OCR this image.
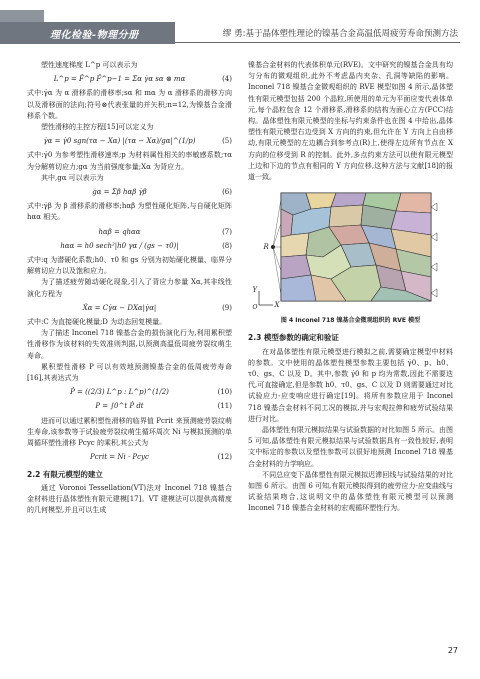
理化检验-物理分册	缪 勇:基于晶体塑性理论的镍基合金高温低周疲劳寿命预测方法

塑性速度梯度 L^p 可以表示为

L^p = F̂^p F̂^p−1 = Σα γ̇α sα ⊗ mα	(4)

式中:γ̇α 为 α 滑移系的滑移率;sα 和 mα 为 α 滑移系的滑移方向以及滑移面的法向;符号⊗代表张量的并矢积;n=12,为镍基合金滑移系个数。

塑性滑移的主控方程[15]可以定义为

γ̇α = γ̇0 sgn(τα − Xα) |(τα − Xα)/gα|^(1/p)	(5)

式中:γ̇0 为参考塑性滑移速率;p 为材料属性相关的率敏感系数;τα 为分解剪切应力;gα 为当前强度参量;Xα 为背应力。

其中,gα 可以表示为

ġα = Σβ hαβ γ̇β	(6)

式中:γ̇β 为 β 滑移系的滑移率;hαβ 为塑性硬化矩阵,与自硬化矩阵 hαα 相关。

hαβ = qhαα	(7)
hαα = h0 sech²|h0 γα / (gs − τ0)|	(8)

式中:q 为潜硬化系数;h0、τ0 和 gs 分别为初始硬化模量、临界分解剪切应力以及饱和应力。

为了描述疲劳随动硬化现象,引入了背应力参量 Xα,其非线性演化方程为

Ẋα = Cγ̇α − DXα|γ̇α|	(9)

式中:C 为直接硬化模量;D 为动态回复模量。

为了描述 Inconel 718 镍基合金的损伤演化行为,利用累积塑性滑移作为该材料的失效准则判据,以预测高温低周疲劳裂纹萌生寿命。

累积塑性滑移 P 可以有效地预测镍基合金的低周疲劳寿命[16],其表达式为

Ṗ = ((2/3) L^p : L^p)^(1/2)	(10)
P = ∫0^t Ṗ dt	(11)

进而可以通过累积塑性滑移的临界值 Pcrit 来预测疲劳裂纹萌生寿命,该参数等于试验疲劳裂纹萌生循环周次 Ni 与模拟预测的单周循环塑性滑移 Pcyc 的乘积,其公式为

Pcrit = Ni · Pcyc	(12)
2.2 有限元模型的建立

通过 Voronoi Tessellation(VT)法对 Inconel 718 镍基合金材料进行晶体塑性有限元建模[17]。VT 建模法可以提供高精度的几何模型,并且可以生成

镍基合金材料的代表体积单元(RVE)。文中研究的镍基合金具有均匀分布的微观组织,此外不考虑晶内夹杂、孔洞等缺陷的影响。Inconel 718 镍基合金微观组织的 RVE 模型如图 4 所示,晶体塑性有限元模型包括 200 个晶粒,所使用的单元为平面应变代表体单元,每个晶粒包含 12 个滑移系,滑移系的结构为面心立方(FCC)结构。晶体塑性有限元模型的坐标与约束条件也在图 4 中给出,晶体塑性有限元模型右边受到 X 方向的约束,但允许在 Y 方向上自由移动,有限元模型的左边耦合到参考点(R)上,使得左边所有节点在 X 方向的位移受到 R 的控制。此外,多点约束方法可以使有限元模型上边和下边的节点有相同的 Y 方向位移,这种方法与文献[18]的报道一致。

R
Y
X
O
图 4 Inconel 718 镍基合金微观组织的 RVE 模型
2.3 模型参数的确定和验证

在对晶体塑性有限元模型进行模拟之前,需要确定模型中材料的参数。文中使用的晶体塑性模型参数主要包括 γ̇0、p、h0、τ0、gs、C 以及 D。其中,参数 γ̇0 和 p 均为常数,因此不需要迭代,可直接确定,但是参数 h0、τ0、gs、C 以及 D 则需要通过对比试验应力-应变响应进行确定[19]。将所有参数应用于 Inconel 718 镍基合金材料不同工况的模拟,并与宏观拉伸和疲劳试验结果进行对比。

晶体塑性有限元模拟结果与试验数据的对比如图 5 所示。由图 5 可知,晶体塑性有限元模拟结果与试验数据具有一致性较好,表明文中标定的参数以及塑性参数可以很好地预测 Inconel 718 镍基合金材料的力学响应。

不同总应变下晶体塑性有限元模拟迟滞回线与试验结果的对比如图 6 所示。由图 6 可知,有限元模拟得到的疲劳应力-应变曲线与试验结果吻合,这说明文中的晶体塑性有限元模型可以预测 Inconel 718 镍基合金材料的宏观循环塑性行为。

27
